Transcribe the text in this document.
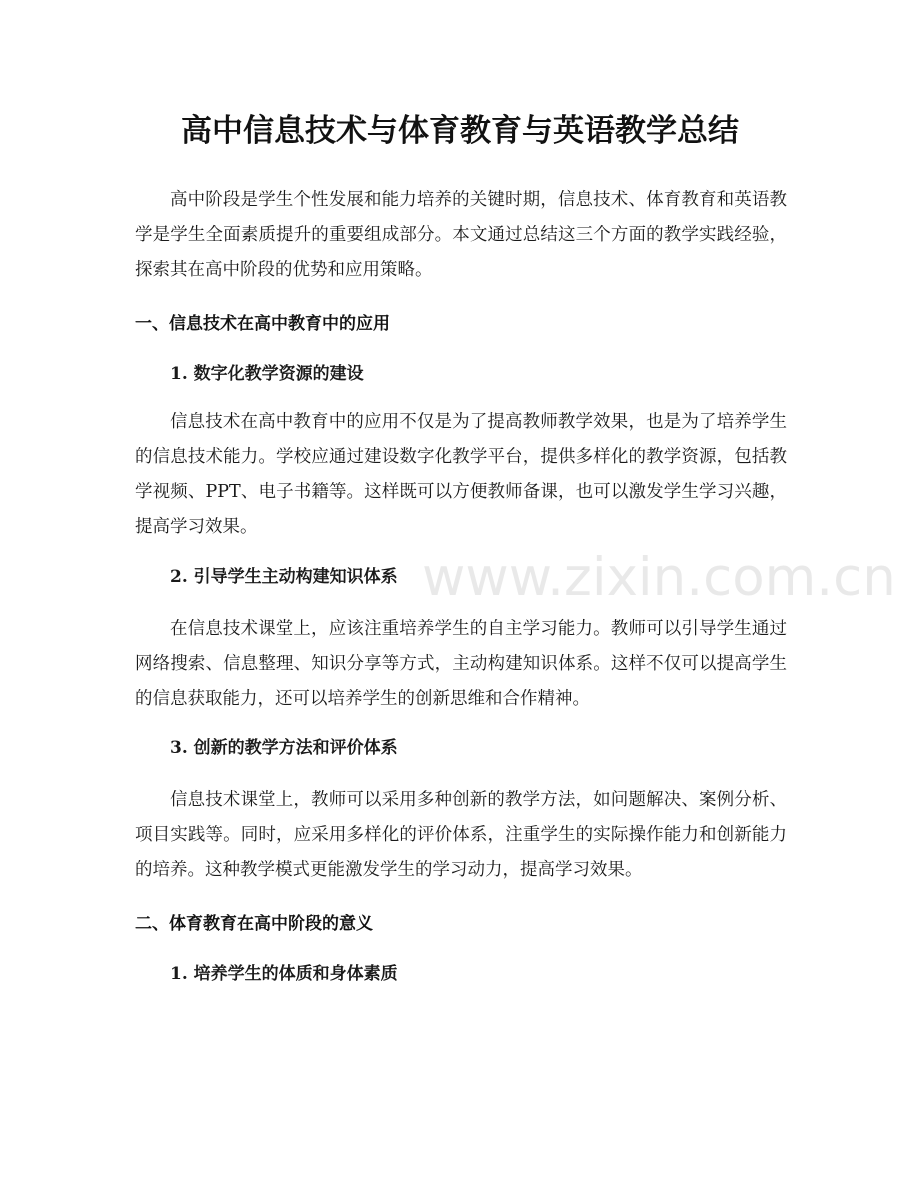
高中信息技术与体育教育与英语教学总结

高中阶段是学生个性发展和能力培养的关键时期，信息技术、体育教育和英语教学是学生全面素质提升的重要组成部分。本文通过总结这三个方面的教学实践经验，探索其在高中阶段的优势和应用策略。

一、信息技术在高中教育中的应用
1. 数字化教学资源的建设

信息技术在高中教育中的应用不仅是为了提高教师教学效果，也是为了培养学生的信息技术能力。学校应通过建设数字化教学平台，提供多样化的教学资源，包括教学视频、PPT、电子书籍等。这样既可以方便教师备课，也可以激发学生学习兴趣，提高学习效果。

2. 引导学生主动构建知识体系

在信息技术课堂上，应该注重培养学生的自主学习能力。教师可以引导学生通过网络搜索、信息整理、知识分享等方式，主动构建知识体系。这样不仅可以提高学生的信息获取能力，还可以培养学生的创新思维和合作精神。

3. 创新的教学方法和评价体系

信息技术课堂上，教师可以采用多种创新的教学方法，如问题解决、案例分析、项目实践等。同时，应采用多样化的评价体系，注重学生的实际操作能力和创新能力的培养。这种教学模式更能激发学生的学习动力，提高学习效果。

二、体育教育在高中阶段的意义
1. 培养学生的体质和身体素质
www.zixin.com.cn
